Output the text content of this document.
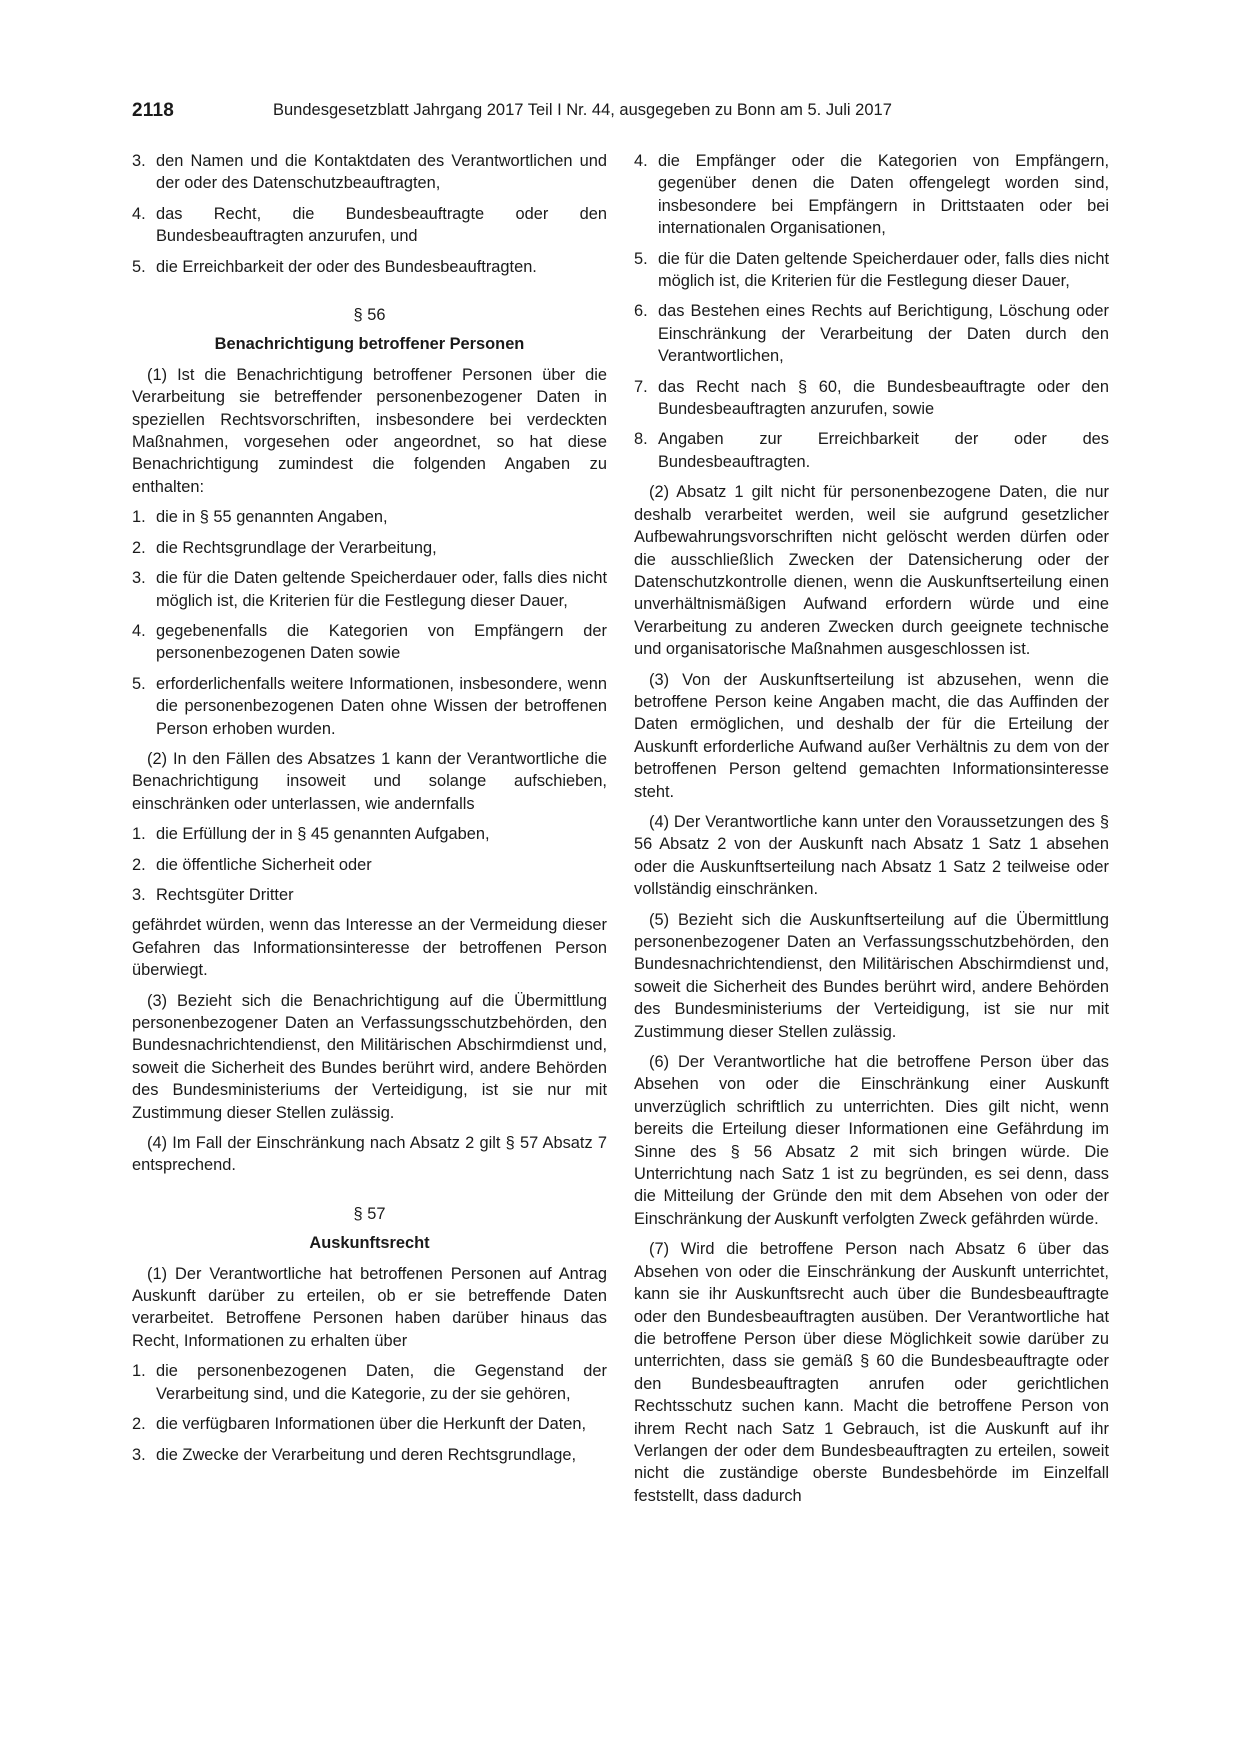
2118	Bundesgesetzblatt Jahrgang 2017 Teil I Nr. 44, ausgegeben zu Bonn am 5. Juli 2017
3. den Namen und die Kontaktdaten des Verantwortlichen und der oder des Datenschutzbeauftragten,
4. das Recht, die Bundesbeauftragte oder den Bundesbeauftragten anzurufen, und
5. die Erreichbarkeit der oder des Bundesbeauftragten.
§ 56
Benachrichtigung betroffener Personen
(1) Ist die Benachrichtigung betroffener Personen über die Verarbeitung sie betreffender personenbezogener Daten in speziellen Rechtsvorschriften, insbesondere bei verdeckten Maßnahmen, vorgesehen oder angeordnet, so hat diese Benachrichtigung zumindest die folgenden Angaben zu enthalten:
1. die in § 55 genannten Angaben,
2. die Rechtsgrundlage der Verarbeitung,
3. die für die Daten geltende Speicherdauer oder, falls dies nicht möglich ist, die Kriterien für die Festlegung dieser Dauer,
4. gegebenenfalls die Kategorien von Empfängern der personenbezogenen Daten sowie
5. erforderlichenfalls weitere Informationen, insbesondere, wenn die personenbezogenen Daten ohne Wissen der betroffenen Person erhoben wurden.
(2) In den Fällen des Absatzes 1 kann der Verantwortliche die Benachrichtigung insoweit und solange aufschieben, einschränken oder unterlassen, wie andernfalls
1. die Erfüllung der in § 45 genannten Aufgaben,
2. die öffentliche Sicherheit oder
3. Rechtsgüter Dritter
gefährdet würden, wenn das Interesse an der Vermeidung dieser Gefahren das Informationsinteresse der betroffenen Person überwiegt.
(3) Bezieht sich die Benachrichtigung auf die Übermittlung personenbezogener Daten an Verfassungsschutzbehörden, den Bundesnachrichtendienst, den Militärischen Abschirmdienst und, soweit die Sicherheit des Bundes berührt wird, andere Behörden des Bundesministeriums der Verteidigung, ist sie nur mit Zustimmung dieser Stellen zulässig.
(4) Im Fall der Einschränkung nach Absatz 2 gilt § 57 Absatz 7 entsprechend.
§ 57
Auskunftsrecht
(1) Der Verantwortliche hat betroffenen Personen auf Antrag Auskunft darüber zu erteilen, ob er sie betreffende Daten verarbeitet. Betroffene Personen haben darüber hinaus das Recht, Informationen zu erhalten über
1. die personenbezogenen Daten, die Gegenstand der Verarbeitung sind, und die Kategorie, zu der sie gehören,
2. die verfügbaren Informationen über die Herkunft der Daten,
3. die Zwecke der Verarbeitung und deren Rechtsgrundlage,
4. die Empfänger oder die Kategorien von Empfängern, gegenüber denen die Daten offengelegt worden sind, insbesondere bei Empfängern in Drittstaaten oder bei internationalen Organisationen,
5. die für die Daten geltende Speicherdauer oder, falls dies nicht möglich ist, die Kriterien für die Festlegung dieser Dauer,
6. das Bestehen eines Rechts auf Berichtigung, Löschung oder Einschränkung der Verarbeitung der Daten durch den Verantwortlichen,
7. das Recht nach § 60, die Bundesbeauftragte oder den Bundesbeauftragten anzurufen, sowie
8. Angaben zur Erreichbarkeit der oder des Bundesbeauftragten.
(2) Absatz 1 gilt nicht für personenbezogene Daten, die nur deshalb verarbeitet werden, weil sie aufgrund gesetzlicher Aufbewahrungsvorschriften nicht gelöscht werden dürfen oder die ausschließlich Zwecken der Datensicherung oder der Datenschutzkontrolle dienen, wenn die Auskunftserteilung einen unverhältnismäßigen Aufwand erfordern würde und eine Verarbeitung zu anderen Zwecken durch geeignete technische und organisatorische Maßnahmen ausgeschlossen ist.
(3) Von der Auskunftserteilung ist abzusehen, wenn die betroffene Person keine Angaben macht, die das Auffinden der Daten ermöglichen, und deshalb der für die Erteilung der Auskunft erforderliche Aufwand außer Verhältnis zu dem von der betroffenen Person geltend gemachten Informationsinteresse steht.
(4) Der Verantwortliche kann unter den Voraussetzungen des § 56 Absatz 2 von der Auskunft nach Absatz 1 Satz 1 absehen oder die Auskunftserteilung nach Absatz 1 Satz 2 teilweise oder vollständig einschränken.
(5) Bezieht sich die Auskunftserteilung auf die Übermittlung personenbezogener Daten an Verfassungsschutzbehörden, den Bundesnachrichtendienst, den Militärischen Abschirmdienst und, soweit die Sicherheit des Bundes berührt wird, andere Behörden des Bundesministeriums der Verteidigung, ist sie nur mit Zustimmung dieser Stellen zulässig.
(6) Der Verantwortliche hat die betroffene Person über das Absehen von oder die Einschränkung einer Auskunft unverzüglich schriftlich zu unterrichten. Dies gilt nicht, wenn bereits die Erteilung dieser Informationen eine Gefährdung im Sinne des § 56 Absatz 2 mit sich bringen würde. Die Unterrichtung nach Satz 1 ist zu begründen, es sei denn, dass die Mitteilung der Gründe den mit dem Absehen von oder der Einschränkung der Auskunft verfolgten Zweck gefährden würde.
(7) Wird die betroffene Person nach Absatz 6 über das Absehen von oder die Einschränkung der Auskunft unterrichtet, kann sie ihr Auskunftsrecht auch über die Bundesbeauftragte oder den Bundesbeauftragten ausüben. Der Verantwortliche hat die betroffene Person über diese Möglichkeit sowie darüber zu unterrichten, dass sie gemäß § 60 die Bundesbeauftragte oder den Bundesbeauftragten anrufen oder gerichtlichen Rechtsschutz suchen kann. Macht die betroffene Person von ihrem Recht nach Satz 1 Gebrauch, ist die Auskunft auf ihr Verlangen der oder dem Bundesbeauftragten zu erteilen, soweit nicht die zuständige oberste Bundesbehörde im Einzelfall feststellt, dass dadurch
